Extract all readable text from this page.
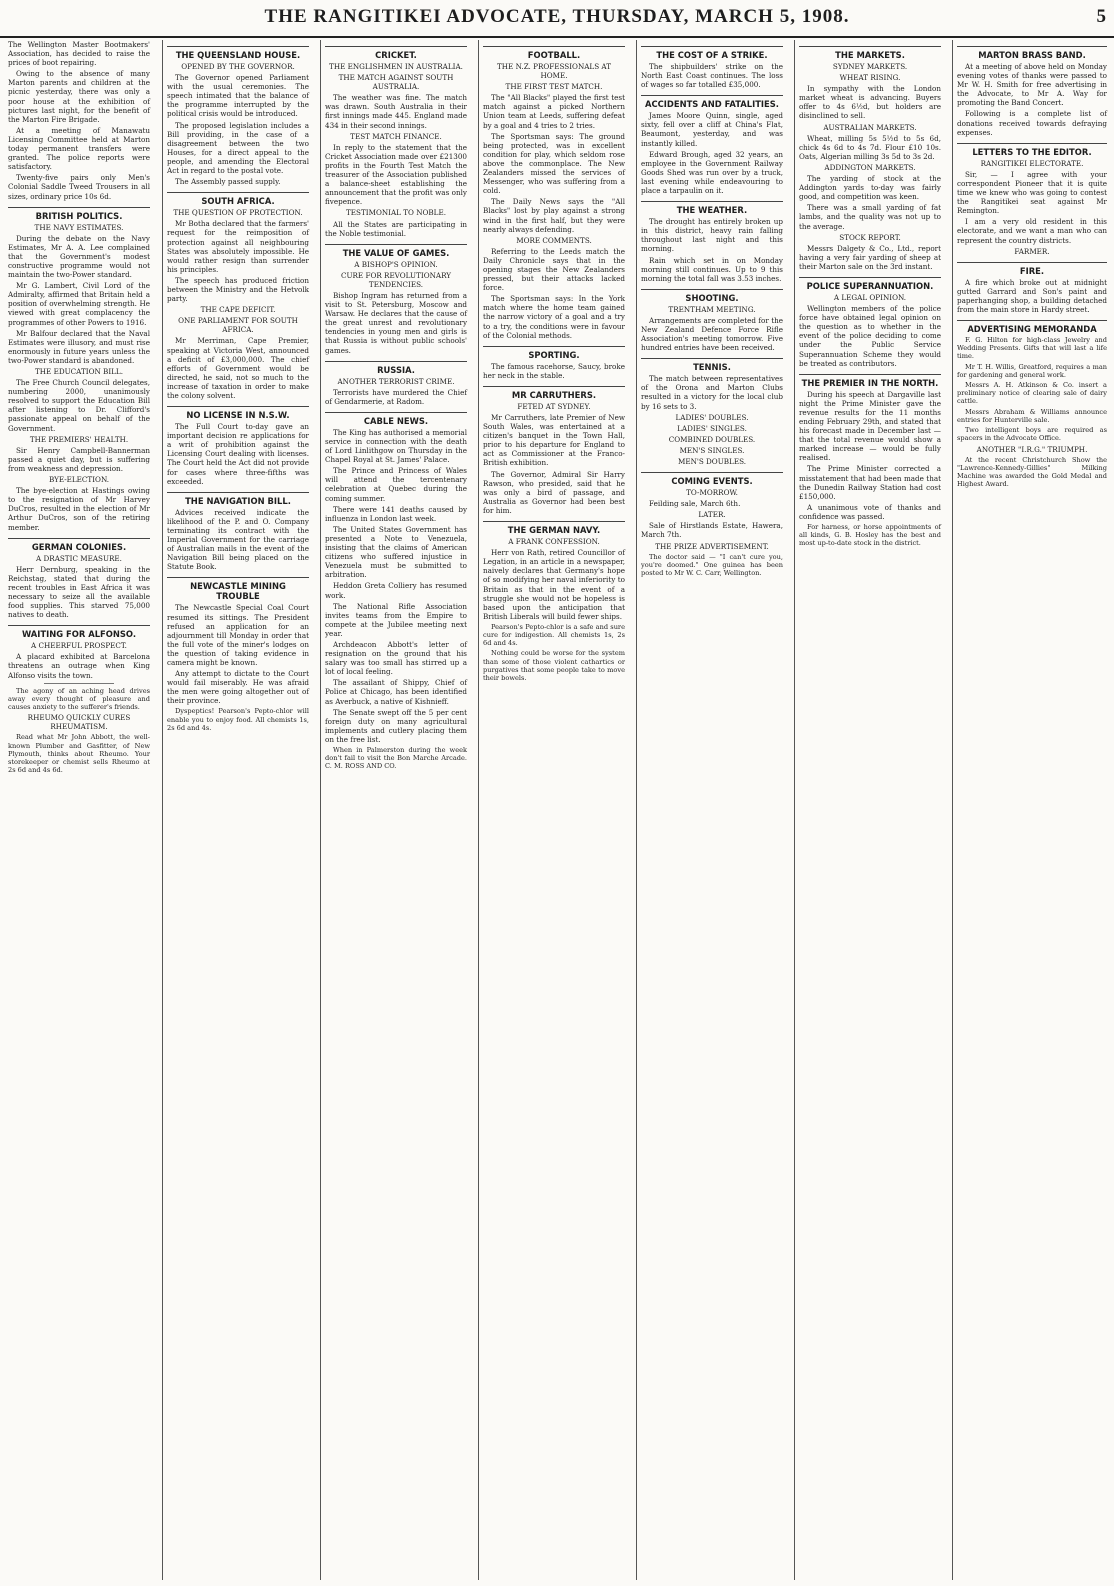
THE RANGITIKEI ADVOCATE, THURSDAY, MARCH 5, 1908.	5

The Wellington Master Bootmakers' Association, has decided to raise the prices of boot repairing.

Owing to the absence of many Marton parents and children at the picnic yesterday, there was only a poor house at the exhibition of pictures last night, for the benefit of the Marton Fire Brigade.

At a meeting of Manawatu Licensing Committee held at Marton today permanent transfers were granted. The police reports were satisfactory.

Twenty-five pairs only Men's Colonial Saddle Tweed Trousers in all sizes, ordinary price 10s 6d.

BRITISH POLITICS.
THE NAVY ESTIMATES.

During the debate on the Navy Estimates, Mr A. A. Lee complained that the Government's modest constructive programme would not maintain the two-Power standard.

Mr G. Lambert, Civil Lord of the Admiralty, affirmed that Britain held a position of overwhelming strength. He viewed with great complacency the programmes of other Powers to 1916.

Mr Balfour declared that the Naval Estimates were illusory, and must rise enormously in future years unless the two-Power standard is abandoned.

THE EDUCATION BILL.

The Free Church Council delegates, numbering 2000, unanimously resolved to support the Education Bill after listening to Dr. Clifford's passionate appeal on behalf of the Government.

THE PREMIERS' HEALTH.

Sir Henry Campbell-Bannerman passed a quiet day, but is suffering from weakness and depression.

BYE-ELECTION.

The bye-election at Hastings owing to the resignation of Mr Harvey DuCros, resulted in the election of Mr Arthur DuCros, son of the retiring member.

GERMAN COLONIES.
A DRASTIC MEASURE.

Herr Dernburg, speaking in the Reichstag, stated that during the recent troubles in East Africa it was necessary to seize all the available food supplies. This starved 75,000 natives to death.

WAITING FOR ALFONSO.
A CHEERFUL PROSPECT.

A placard exhibited at Barcelona threatens an outrage when King Alfonso visits the town.

The agony of an aching head drives away every thought of pleasure and causes anxiety to the sufferer's friends.

RHEUMO QUICKLY CURES RHEUMATISM.

Read what Mr John Abbott, the well-known Plumber and Gasfitter, of New Plymouth, thinks about Rheumo. Your storekeeper or chemist sells Rheumo at 2s 6d and 4s 6d.

THE QUEENSLAND HOUSE.
OPENED BY THE GOVERNOR.

The Governor opened Parliament with the usual ceremonies. The speech intimated that the balance of the programme interrupted by the political crisis would be introduced.

The proposed legislation includes a Bill providing, in the case of a disagreement between the two Houses, for a direct appeal to the people, and amending the Electoral Act in regard to the postal vote.

The Assembly passed supply.

SOUTH AFRICA.
THE QUESTION OF PROTECTION.

Mr Botha declared that the farmers' request for the reimposition of protection against all neighbouring States was absolutely impossible. He would rather resign than surrender his principles.

The speech has produced friction between the Ministry and the Hetvolk party.

THE CAPE DEFICIT.
ONE PARLIAMENT FOR SOUTH AFRICA.

Mr Merriman, Cape Premier, speaking at Victoria West, announced a deficit of £3,000,000. The chief efforts of Government would be directed, he said, not so much to the increase of taxation in order to make the colony solvent.

NO LICENSE IN N.S.W.

The Full Court to-day gave an important decision re applications for a writ of prohibition against the Licensing Court dealing with licenses. The Court held the Act did not provide for cases where three-fifths was exceeded.

THE NAVIGATION BILL.

Advices received indicate the likelihood of the P. and O. Company terminating its contract with the Imperial Government for the carriage of Australian mails in the event of the Navigation Bill being placed on the Statute Book.

NEWCASTLE MINING TROUBLE

The Newcastle Special Coal Court resumed its sittings. The President refused an application for an adjournment till Monday in order that the full vote of the miner's lodges on the question of taking evidence in camera might be known.

Any attempt to dictate to the Court would fail miserably. He was afraid the men were going altogether out of their province.

Dyspeptics! Pearson's Pepto-chlor will enable you to enjoy food. All chemists 1s, 2s 6d and 4s.

CRICKET.
THE ENGLISHMEN IN AUSTRALIA.
THE MATCH AGAINST SOUTH AUSTRALIA.

The weather was fine. The match was drawn. South Australia in their first innings made 445. England made 434 in their second innings.

TEST MATCH FINANCE.

In reply to the statement that the Cricket Association made over £21300 profits in the Fourth Test Match the treasurer of the Association published a balance-sheet establishing the announcement that the profit was only fivepence.

TESTIMONIAL TO NOBLE.

All the States are participating in the Noble testimonial.

THE VALUE OF GAMES.
A BISHOP'S OPINION.
CURE FOR REVOLUTIONARY TENDENCIES.

Bishop Ingram has returned from a visit to St. Petersburg, Moscow and Warsaw. He declares that the cause of the great unrest and revolutionary tendencies in young men and girls is that Russia is without public schools' games.

RUSSIA.
ANOTHER TERRORIST CRIME.

Terrorists have murdered the Chief of Gendarmerie, at Radom.

CABLE NEWS.

The King has authorised a memorial service in connection with the death of Lord Linlithgow on Thursday in the Chapel Royal at St. James' Palace.

The Prince and Princess of Wales will attend the tercentenary celebration at Quebec during the coming summer.

There were 141 deaths caused by influenza in London last week.

The United States Government has presented a Note to Venezuela, insisting that the claims of American citizens who suffered injustice in Venezuela must be submitted to arbitration.

Heddon Greta Colliery has resumed work.

The National Rifle Association invites teams from the Empire to compete at the Jubilee meeting next year.

Archdeacon Abbott's letter of resignation on the ground that his salary was too small has stirred up a lot of local feeling.

The assailant of Shippy, Chief of Police at Chicago, has been identified as Averbuck, a native of Kishnieff.

The Senate swept off the 5 per cent foreign duty on many agricultural implements and cutlery placing them on the free list.

When in Palmerston during the week don't fail to visit the Bon Marche Arcade. C. M. ROSS AND CO.

FOOTBALL.
THE N.Z. PROFESSIONALS AT HOME.
THE FIRST TEST MATCH.

The "All Blacks" played the first test match against a picked Northern Union team at Leeds, suffering defeat by a goal and 4 tries to 2 tries.

The Sportsman says: The ground being protected, was in excellent condition for play, which seldom rose above the commonplace. The New Zealanders missed the services of Messenger, who was suffering from a cold.

The Daily News says the "All Blacks" lost by play against a strong wind in the first half, but they were nearly always defending.

MORE COMMENTS.

Referring to the Leeds match the Daily Chronicle says that in the opening stages the New Zealanders pressed, but their attacks lacked force.

The Sportsman says: In the York match where the home team gained the narrow victory of a goal and a try to a try, the conditions were in favour of the Colonial methods.

SPORTING.

The famous racehorse, Saucy, broke her neck in the stable.

MR CARRUTHERS.
FETED AT SYDNEY.

Mr Carruthers, late Premier of New South Wales, was entertained at a citizen's banquet in the Town Hall, prior to his departure for England to act as Commissioner at the Franco-British exhibition.

The Governor, Admiral Sir Harry Rawson, who presided, said that he was only a bird of passage, and Australia as Governor had been best for him.

THE GERMAN NAVY.
A FRANK CONFESSION.

Herr von Rath, retired Councillor of Legation, in an article in a newspaper, naively declares that Germany's hope of so modifying her naval inferiority to Britain as that in the event of a struggle she would not be hopeless is based upon the anticipation that British Liberals will build fewer ships.

Pearson's Pepto-chlor is a safe and sure cure for indigestion. All chemists 1s, 2s 6d and 4s.

Nothing could be worse for the system than some of those violent cathartics or purgatives that some people take to move their bowels.

THE COST OF A STRIKE.

The shipbuilders' strike on the North East Coast continues. The loss of wages so far totalled £35,000.

ACCIDENTS AND FATALITIES.

James Moore Quinn, single, aged sixty, fell over a cliff at China's Flat, Beaumont, yesterday, and was instantly killed.

Edward Brough, aged 32 years, an employee in the Government Railway Goods Shed was run over by a truck, last evening while endeavouring to place a tarpaulin on it.

THE WEATHER.

The drought has entirely broken up in this district, heavy rain falling throughout last night and this morning.

Rain which set in on Monday morning still continues. Up to 9 this morning the total fall was 3.53 inches.

SHOOTING.
TRENTHAM MEETING.

Arrangements are completed for the New Zealand Defence Force Rifle Association's meeting tomorrow. Five hundred entries have been received.

TENNIS.

The match between representatives of the Orona and Marton Clubs resulted in a victory for the local club by 16 sets to 3.

LADIES' DOUBLES.
LADIES' SINGLES.
COMBINED DOUBLES.
MEN'S SINGLES.
MEN'S DOUBLES.
COMING EVENTS.
TO-MORROW.

Feilding sale, March 6th.

LATER.

Sale of Hirstlands Estate, Hawera, March 7th.

THE PRIZE ADVERTISEMENT.

The doctor said — "I can't cure you, you're doomed." One guinea has been posted to Mr W. C. Carr, Wellington.

THE MARKETS.
SYDNEY MARKETS.
WHEAT RISING.

In sympathy with the London market wheat is advancing. Buyers offer to 4s 6½d, but holders are disinclined to sell.

AUSTRALIAN MARKETS.

Wheat, milling 5s 5½d to 5s 6d, chick 4s 6d to 4s 7d. Flour £10 10s. Oats, Algerian milling 3s 5d to 3s 2d.

ADDINGTON MARKETS.

The yarding of stock at the Addington yards to-day was fairly good, and competition was keen.

There was a small yarding of fat lambs, and the quality was not up to the average.

STOCK REPORT.

Messrs Dalgety & Co., Ltd., report having a very fair yarding of sheep at their Marton sale on the 3rd instant.

POLICE SUPERANNUATION.
A LEGAL OPINION.

Wellington members of the police force have obtained legal opinion on the question as to whether in the event of the police deciding to come under the Public Service Superannuation Scheme they would be treated as contributors.

THE PREMIER IN THE NORTH.

During his speech at Dargaville last night the Prime Minister gave the revenue results for the 11 months ending February 29th, and stated that his forecast made in December last — that the total revenue would show a marked increase — would be fully realised.

The Prime Minister corrected a misstatement that had been made that the Dunedin Railway Station had cost £150,000.

A unanimous vote of thanks and confidence was passed.

For harness, or horse appointments of all kinds, G. B. Hosley has the best and most up-to-date stock in the district.

MARTON BRASS BAND.

At a meeting of above held on Monday evening votes of thanks were passed to Mr W. H. Smith for free advertising in the Advocate, to Mr A. Way for promoting the Band Concert.

Following is a complete list of donations received towards defraying expenses.

LETTERS TO THE EDITOR.
RANGITIKEI ELECTORATE.

Sir, — I agree with your correspondent Pioneer that it is quite time we knew who was going to contest the Rangitikei seat against Mr Remington.

I am a very old resident in this electorate, and we want a man who can represent the country districts.

FARMER.
FIRE.

A fire which broke out at midnight gutted Garrard and Son's paint and paperhanging shop, a building detached from the main store in Hardy street.

ADVERTISING MEMORANDA

F. G. Hilton for high-class Jewelry and Wedding Presents. Gifts that will last a life time.

Mr T. H. Willis, Greatford, requires a man for gardening and general work.

Messrs A. H. Atkinson & Co. insert a preliminary notice of clearing sale of dairy cattle.

Messrs Abraham & Williams announce entries for Hunterville sale.

Two intelligent boys are required as spacers in the Advocate Office.

ANOTHER "I.R.G." TRIUMPH.

At the recent Christchurch Show the "Lawrence-Kennedy-Gillies" Milking Machine was awarded the Gold Medal and Highest Award.
